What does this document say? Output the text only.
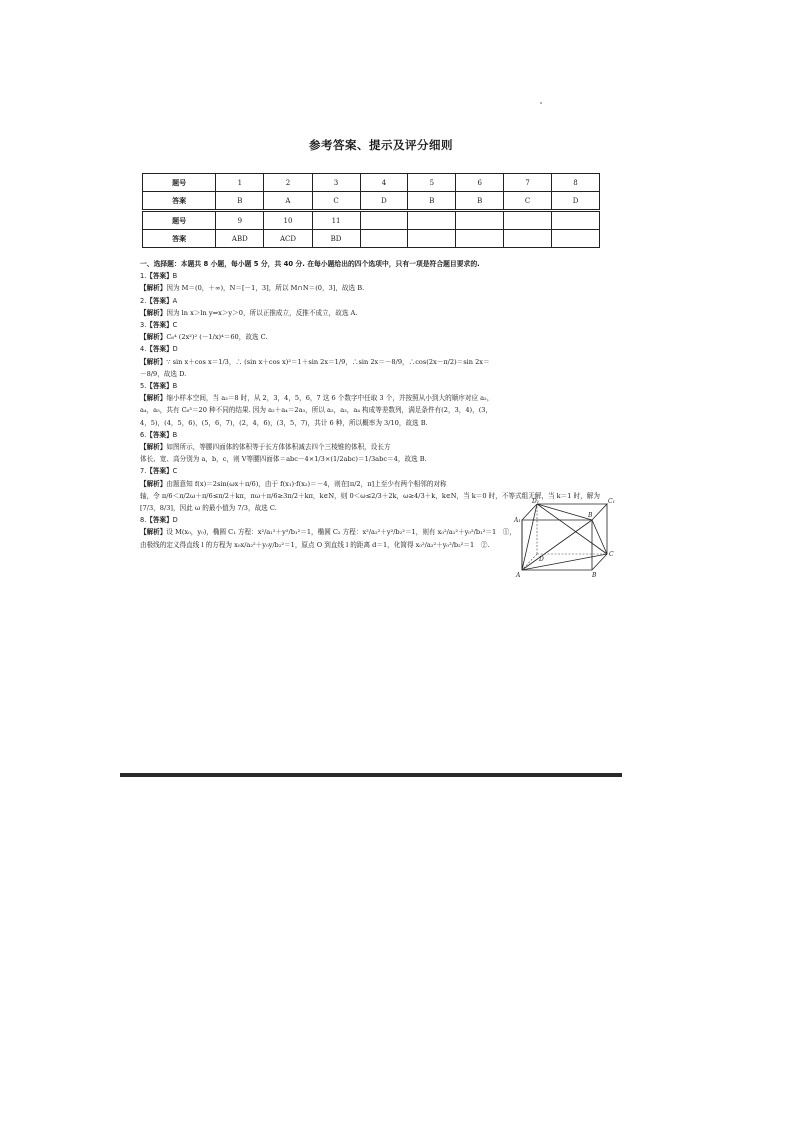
参考答案、提示及评分细则
题号	1	2	3	4	5	6	7	8
答案	B	A	C	D	B	B	C	D
题号	9	10	11					
答案	ABD	ACD	BD					
一、选择题：本题共 8 小题，每小题 5 分，共 40 分. 在每小题给出的四个选项中，只有一项是符合题目要求的.
1.【答案】B
【解析】因为 M＝(0，＋∞)，N＝[－1，3]，所以 M∩N＝(0，3]，故选 B.
2.【答案】A
【解析】因为 ln x＞ln y⇔x＞y＞0，所以正推成立，反推不成立，故选 A.
3.【答案】C
【解析】C₆⁴ (2x²)² (－1/x)⁴＝60，故选 C.
4.【答案】D
【解析】∵ sin x＋cos x＝1/3，∴ (sin x＋cos x)²＝1＋sin 2x＝1/9，∴sin 2x＝－8/9，∴cos(2x－π/2)＝sin 2x＝
－8/9，故选 D.
5.【答案】B
【解析】缩小样本空间，当 a₃＝8 时，从 2，3，4，5，6，7 这 6 个数字中任取 3 个，并按照从小到大的顺序对应 a₂，
a₄，a₅，共有 C₆³＝20 种不同的结果. 因为 a₂＋a₄＝2a₃，所以 a₂，a₃，a₄ 构成等差数列，满足条件有(2，3，4)，(3，
4，5)，(4，5，6)，(5，6，7)，(2，4，6)，(3，5，7)，共计 6 种，所以概率为 3/10，故选 B.
6.【答案】B
【解析】如图所示，等腰四面体的体积等于长方体体积减去四个三棱锥的体积，设长方
体长、宽、高分别为 a，b，c，则 V等腰四面体＝abc－4×1/3×(1/2abc)＝1/3abc＝4，故选 B.
7.【答案】C
【解析】由题意知 f(x)＝2sin(ωx＋π/6)，由于 f(x₁)·f(x₂)＝－4，则在[π/2，π]上至少有两个相邻的对称
轴，令 π/6＜π/2ω＋π/6≤π/2＋kπ，πω＋π/6≥3π/2＋kπ，k∈N，则 0＜ω≤2/3＋2k，ω≥4/3＋k，k∈N，当 k＝0 时，不等式组无解，当 k＝1 时，解为
[7/3，8/3]，因此 ω 的最小值为 7/3，故选 C.
8.【答案】D
【解析】设 M(x₀，y₀)，椭圆 C₁ 方程：x²/a₁²＋y²/b₁²＝1，椭圆 C₂ 方程：x²/a₂²＋y²/b₂²＝1，则有 x₀²/a₁²＋y₀²/b₁²＝1　①，
由极线的定义得直线 l 的方程为 x₀x/a₂²＋y₀y/b₂²＝1，原点 O 到直线 l 的距离 d＝1，化简得 x₀²/a₂²＋y₀²/b₂²＝1　②.
D₁	C₁
A₁
B
D
C
A	B
